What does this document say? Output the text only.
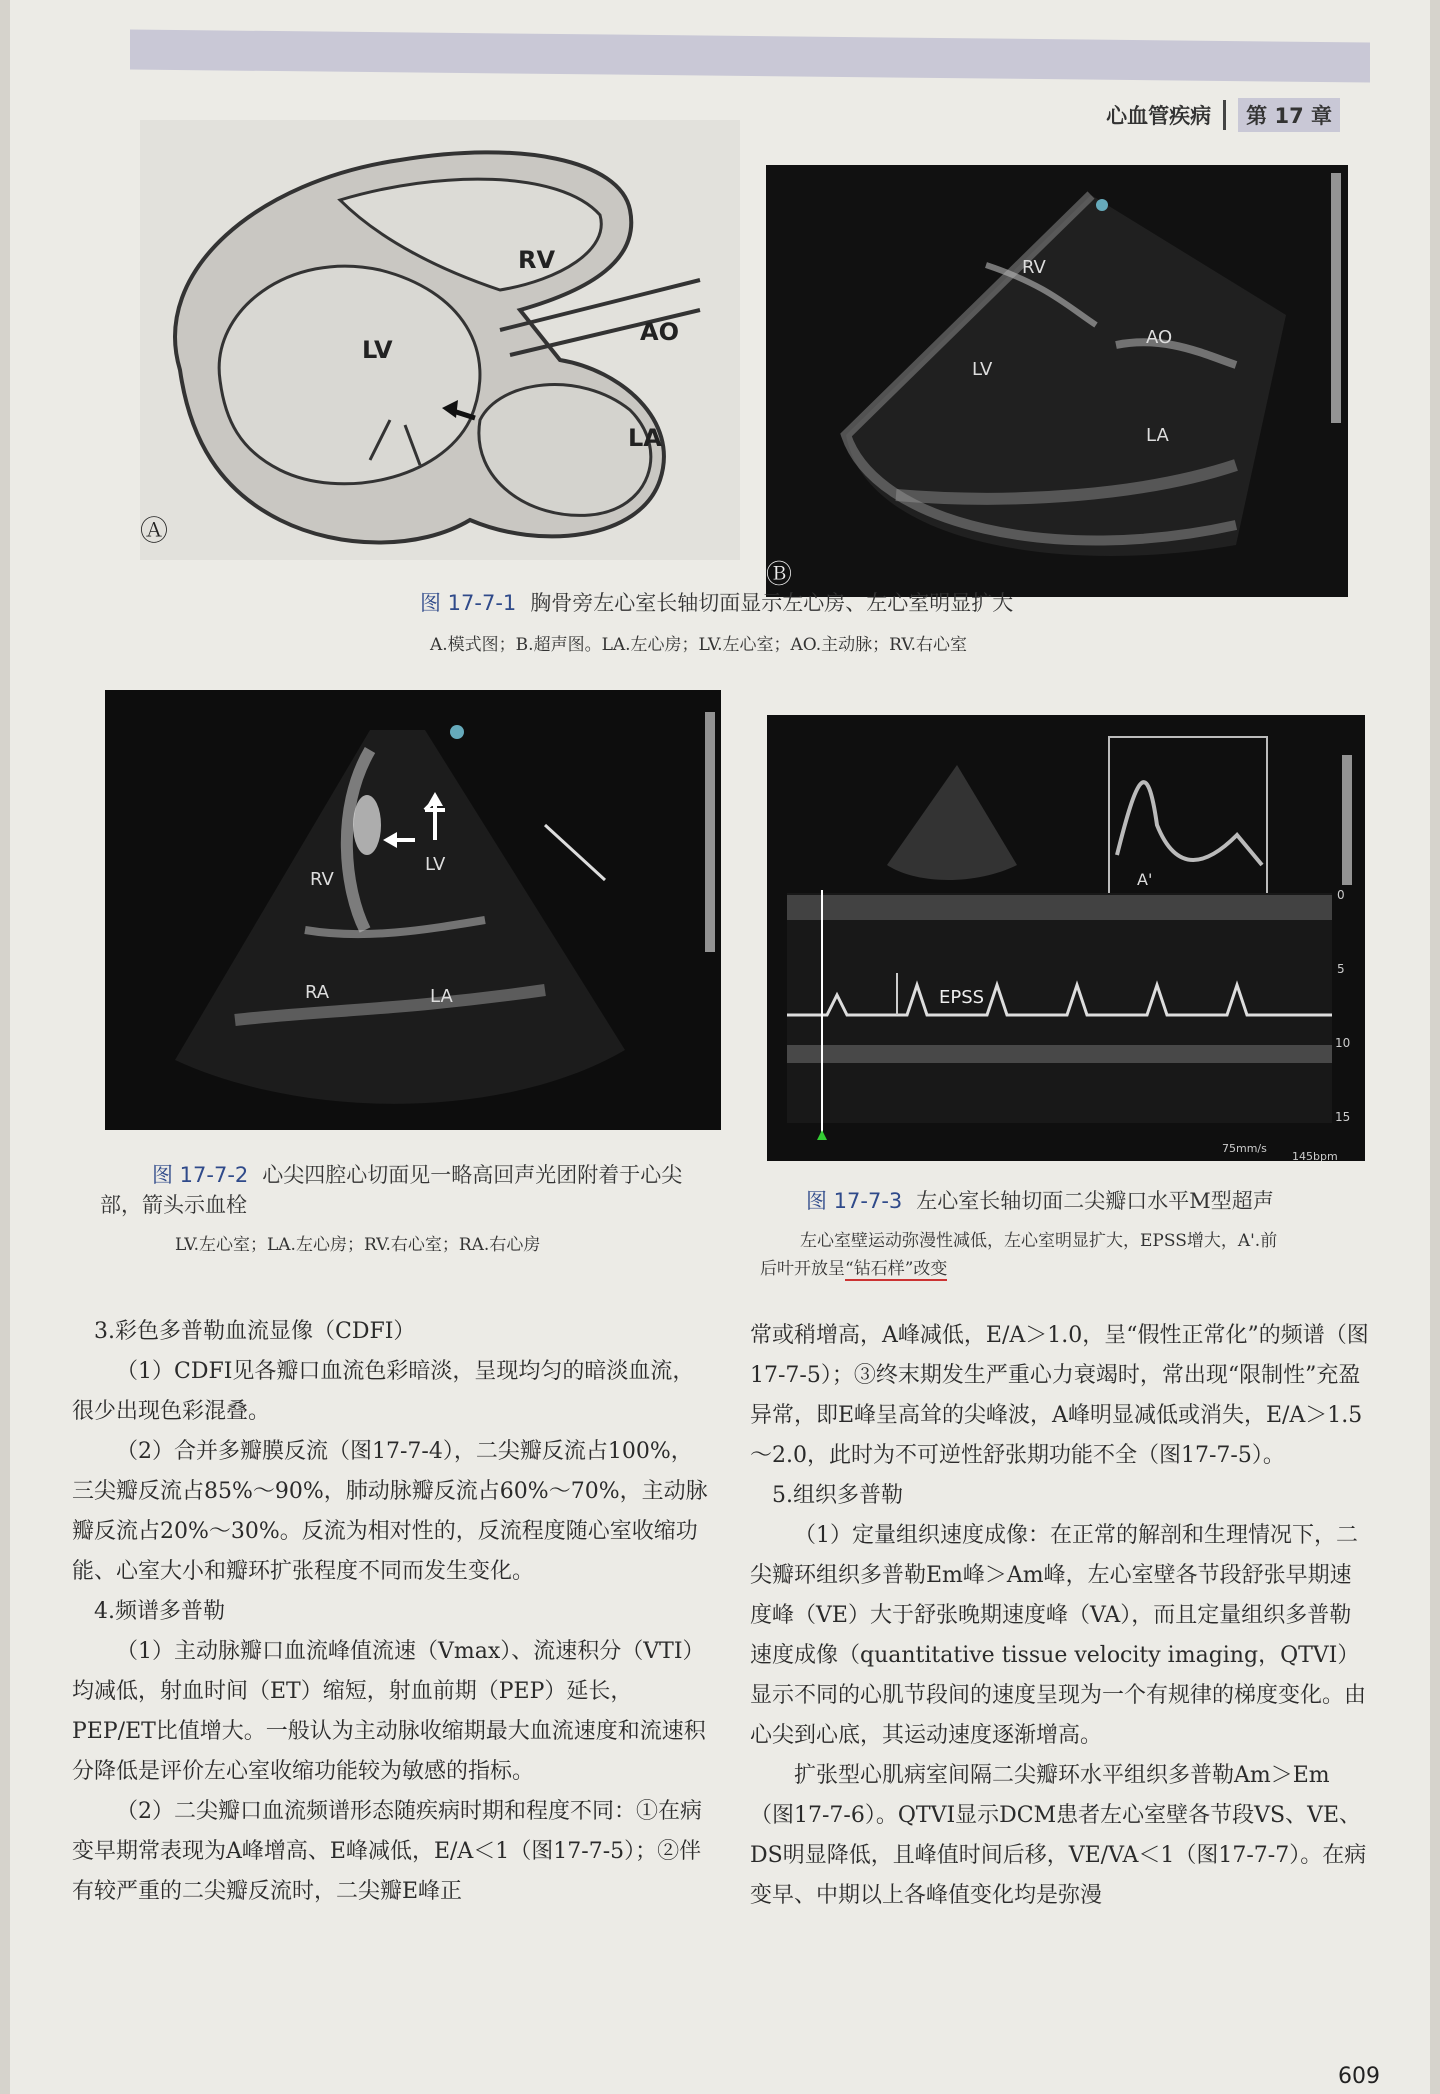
心血管疾病	第 17 章
RV
AO
LV
LA
Ⓐ
RV
AO
LV
LA
Ⓑ
图 17-7-1 胸骨旁左心室长轴切面显示左心房、左心室明显扩大
A.模式图；B.超声图。LA.左心房；LV.左心室；AO.主动脉；RV.右心室
RV
LV
RA	LA
图 17-7-2 心尖四腔心切面见一略高回声光团附着于心尖部，箭头示血栓
LV.左心室；LA.左心房；RV.右心室；RA.右心房
A'
EPSS
0
5
10
15
75mm/s
145bpm
图 17-7-3 左心室长轴切面二尖瓣口水平M型超声
左心室壁运动弥漫性减低，左心室明显扩大，EPSS增大，A'.前
后叶开放呈“钻石样”改变

3.彩色多普勒血流显像（CDFI）

（1）CDFI见各瓣口血流色彩暗淡，呈现均匀的暗淡血流，很少出现色彩混叠。

（2）合并多瓣膜反流（图17-7-4），二尖瓣反流占100%，三尖瓣反流占85%～90%，肺动脉瓣反流占60%～70%，主动脉瓣反流占20%～30%。反流为相对性的，反流程度随心室收缩功能、心室大小和瓣环扩张程度不同而发生变化。

4.频谱多普勒

（1）主动脉瓣口血流峰值流速（Vmax）、流速积分（VTI）均减低，射血时间（ET）缩短，射血前期（PEP）延长，PEP/ET比值增大。一般认为主动脉收缩期最大血流速度和流速积分降低是评价左心室收缩功能较为敏感的指标。

（2）二尖瓣口血流频谱形态随疾病时期和程度不同：①在病变早期常表现为A峰增高、E峰减低，E/A＜1（图17-7-5）；②伴有较严重的二尖瓣反流时，二尖瓣E峰正

常或稍增高，A峰减低，E/A＞1.0，呈“假性正常化”的频谱（图17-7-5）；③终末期发生严重心力衰竭时，常出现“限制性”充盈异常，即E峰呈高耸的尖峰波，A峰明显减低或消失，E/A＞1.5～2.0，此时为不可逆性舒张期功能不全（图17-7-5）。

5.组织多普勒

（1）定量组织速度成像：在正常的解剖和生理情况下，二尖瓣环组织多普勒Em峰＞Am峰，左心室壁各节段舒张早期速度峰（VE）大于舒张晚期速度峰（VA），而且定量组织多普勒速度成像（quantitative tissue velocity imaging，QTVI）显示不同的心肌节段间的速度呈现为一个有规律的梯度变化。由心尖到心底，其运动速度逐渐增高。

扩张型心肌病室间隔二尖瓣环水平组织多普勒Am＞Em（图17-7-6）。QTVI显示DCM患者左心室壁各节段VS、VE、DS明显降低，且峰值时间后移，VE/VA＜1（图17-7-7）。在病变早、中期以上各峰值变化均是弥漫

609
